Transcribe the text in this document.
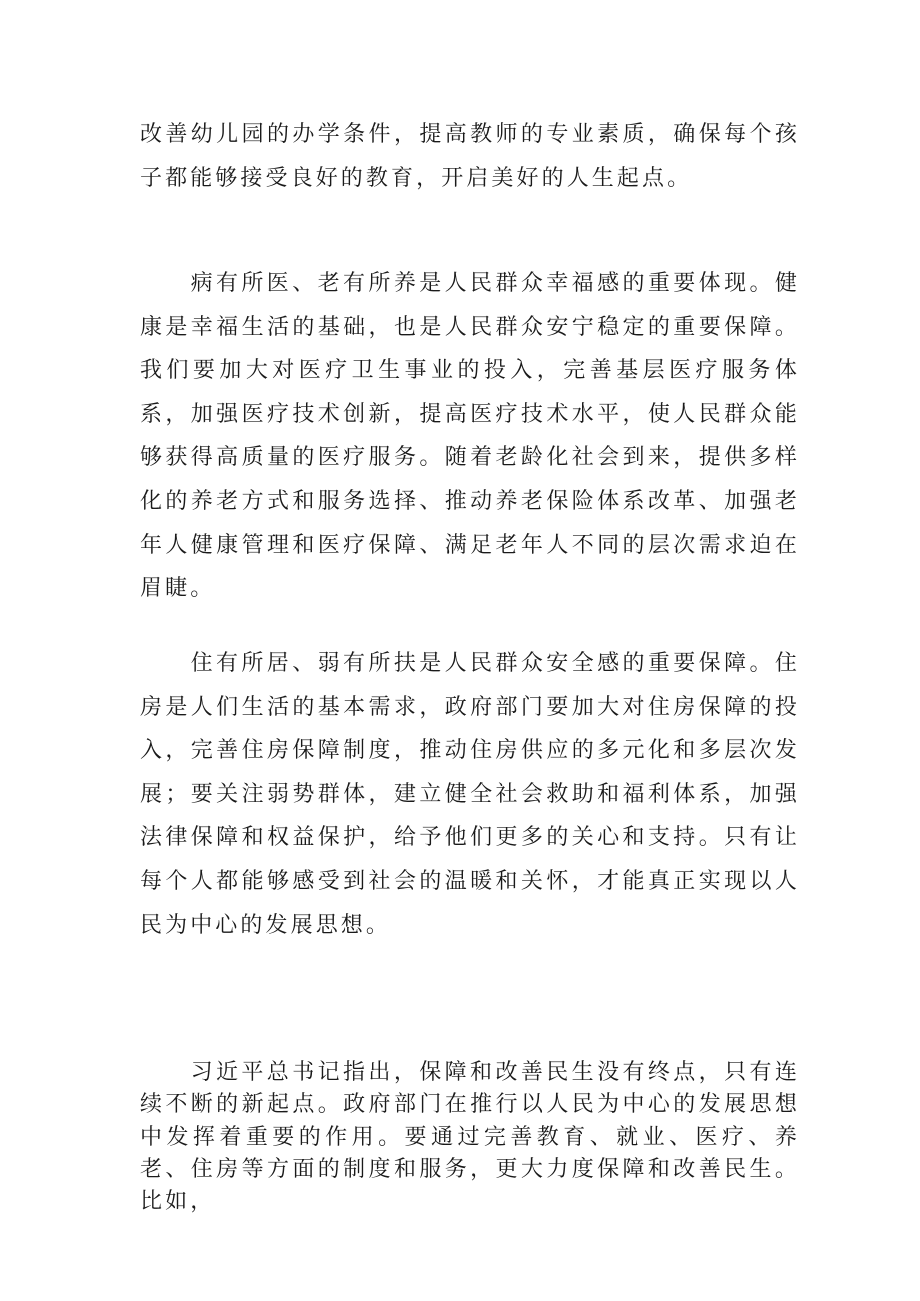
改善幼儿园的办学条件，提高教师的专业素质，确保每个孩子都能够接受良好的教育，开启美好的人生起点。

病有所医、老有所养是人民群众幸福感的重要体现。健康是幸福生活的基础，也是人民群众安宁稳定的重要保障。我们要加大对医疗卫生事业的投入，完善基层医疗服务体系，加强医疗技术创新，提高医疗技术水平，使人民群众能够获得高质量的医疗服务。随着老龄化社会到来，提供多样化的养老方式和服务选择、推动养老保险体系改革、加强老年人健康管理和医疗保障、满足老年人不同的层次需求迫在眉睫。

住有所居、弱有所扶是人民群众安全感的重要保障。住房是人们生活的基本需求，政府部门要加大对住房保障的投入，完善住房保障制度，推动住房供应的多元化和多层次发展；要关注弱势群体，建立健全社会救助和福利体系，加强法律保障和权益保护，给予他们更多的关心和支持。只有让每个人都能够感受到社会的温暖和关怀，才能真正实现以人民为中心的发展思想。

习近平总书记指出，保障和改善民生没有终点，只有连续不断的新起点。政府部门在推行以人民为中心的发展思想中发挥着重要的作用。要通过完善教育、就业、医疗、养老、住房等方面的制度和服务，更大力度保障和改善民生。比如，
